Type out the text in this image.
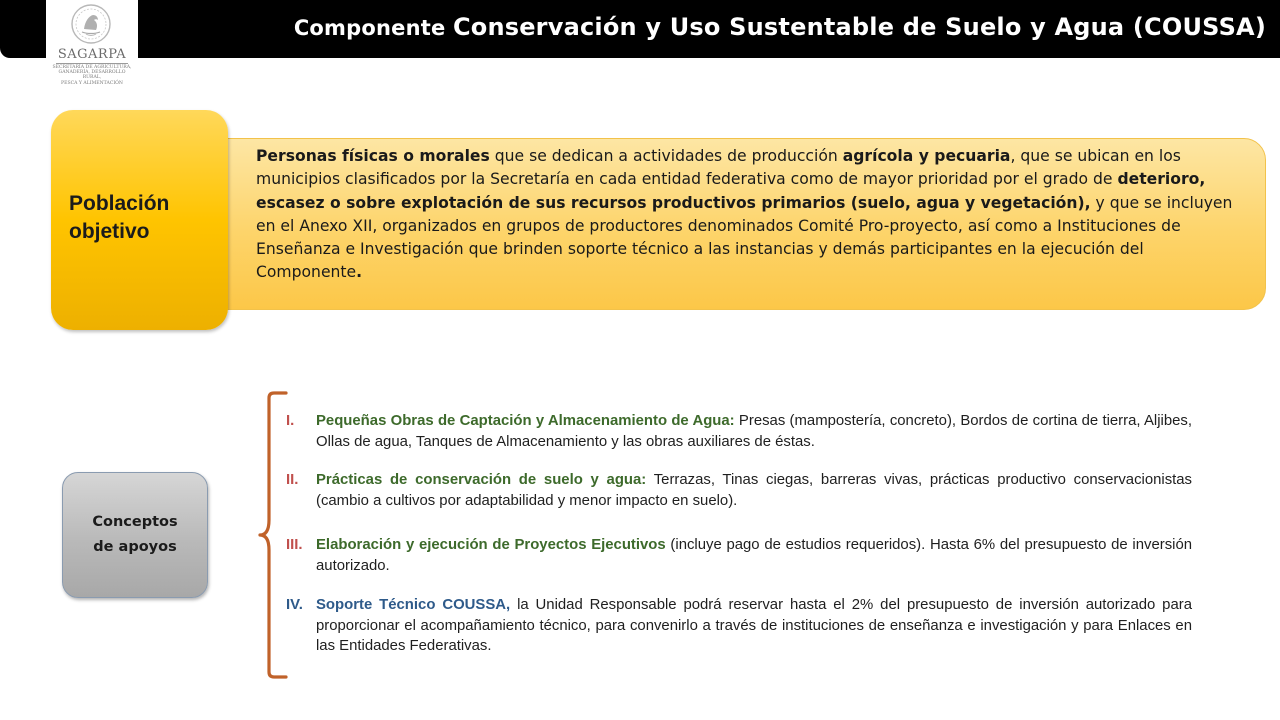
Componente Conservación y Uso Sustentable de Suelo y Agua (COUSSA)
SAGARPA
SECRETARÍA DE AGRICULTURA,
GANADERÍA, DESARROLLO RURAL,
PESCA Y ALIMENTACIÓN
Personas físicas o morales que se dedican a actividades de producción agrícola y pecuaria, que se ubican en los municipios clasificados por la Secretaría en cada entidad federativa como de mayor prioridad por el grado de deterioro, escasez o sobre explotación de sus recursos productivos primarios (suelo, agua y vegetación), y que se incluyen en el Anexo XII, organizados en grupos de productores denominados Comité Pro-proyecto, así como a Instituciones de Enseñanza e Investigación que brinden soporte técnico a las instancias y demás participantes en la ejecución del Componente.
Población
objetivo
Conceptos
de apoyos
I.	Pequeñas Obras de Captación y Almacenamiento de Agua: Presas (mampostería, concreto), Bordos de cortina de tierra, Aljibes, Ollas de agua, Tanques de Almacenamiento y las obras auxiliares de éstas.
II.	Prácticas de conservación de suelo y agua: Terrazas, Tinas ciegas, barreras vivas, prácticas productivo conservacionistas (cambio a cultivos por adaptabilidad y menor impacto en suelo).
III. Elaboración y ejecución de Proyectos Ejecutivos (incluye pago de estudios requeridos). Hasta 6% del presupuesto de inversión autorizado.
IV. Soporte Técnico COUSSA, la Unidad Responsable podrá reservar hasta el 2% del presupuesto de inversión autorizado para proporcionar el acompañamiento técnico, para convenirlo a través de instituciones de enseñanza e investigación y para Enlaces en las Entidades Federativas.
